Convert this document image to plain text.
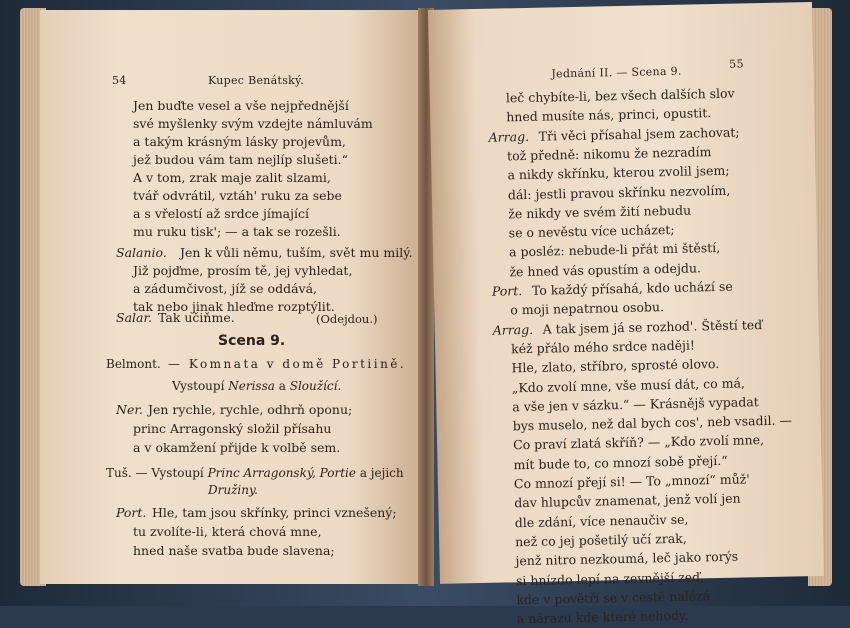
54	Kupec Benátský.
Jen buďte vesel a vše nejpřednější
své myšlenky svým vzdejte námluvám
a takým krásným lásky projevům,
jež budou vám tam nejlíp slušeti.“
A v tom, zrak maje zalit slzami,
tvář odvrátil, vztáh' ruku za sebe
a s vřelostí až srdce jímající
mu ruku tisk'; — a tak se rozešli.
Salanio. Jen k vůli němu, tuším, svět mu milý.
Již pojďme, prosím tě, jej vyhledat,
a zádumčivost, jíž se oddává,
tak nebo jinak hleďme rozptýlit.
Salar. Tak učiňme.	(Odejdou.)
Scena 9.
Belmont. — Komnata v domě Portiině.
Vystoupí Nerissa a Sloužící.
Ner. Jen rychle, rychle, odhrň oponu;
princ Arragonský složil přísahu
a v okamžení přijde k volbě sem.
Tuš. — Vystoupí Princ Arragonský, Portie a jejich
Družiny.
Port. Hle, tam jsou skřínky, princi vznešený;
tu zvolíte-li, která chová mne,
hned naše svatba bude slavena;
Jednání II. — Scena 9.
55
leč chybíte-li, bez všech dalších slov
hned musíte nás, princi, opustit.
Arrag. Tři věci přísahal jsem zachovat;
tož předně: nikomu že nezradím
a nikdy skřínku, kterou zvolil jsem;
dál: jestli pravou skřínku nezvolím,
že nikdy ve svém žití nebudu
se o nevěstu více ucházet;
a posléz: nebude-li přát mi štěstí,
že hned vás opustím a odejdu.
Port. To každý přísahá, kdo uchází se
o moji nepatrnou osobu.
Arrag. A tak jsem já se rozhod'. Štěstí teď
kéž přálo mého srdce naději!
Hle, zlato, stříbro, sprosté olovo.
„Kdo zvolí mne, vše musí dát, co má,
a vše jen v sázku.“ — Krásnějš vypadat
bys muselo, než dal bych cos', neb vsadil. —
Co praví zlatá skříň? — „Kdo zvolí mne,
mít bude to, co mnozí sobě přejí.“
Co mnozí přejí si! — To „mnozí“ můž'
dav hlupcův znamenat, jenž volí jen
dle zdání, více nenaučiv se,
než co jej pošetilý učí zrak,
jenž nitro nezkoumá, leč jako rorýs
si hnízdo lepí na zevnější zeď,
kde v povětří se v cestě nalézá
a nárazu kde které nehody.
